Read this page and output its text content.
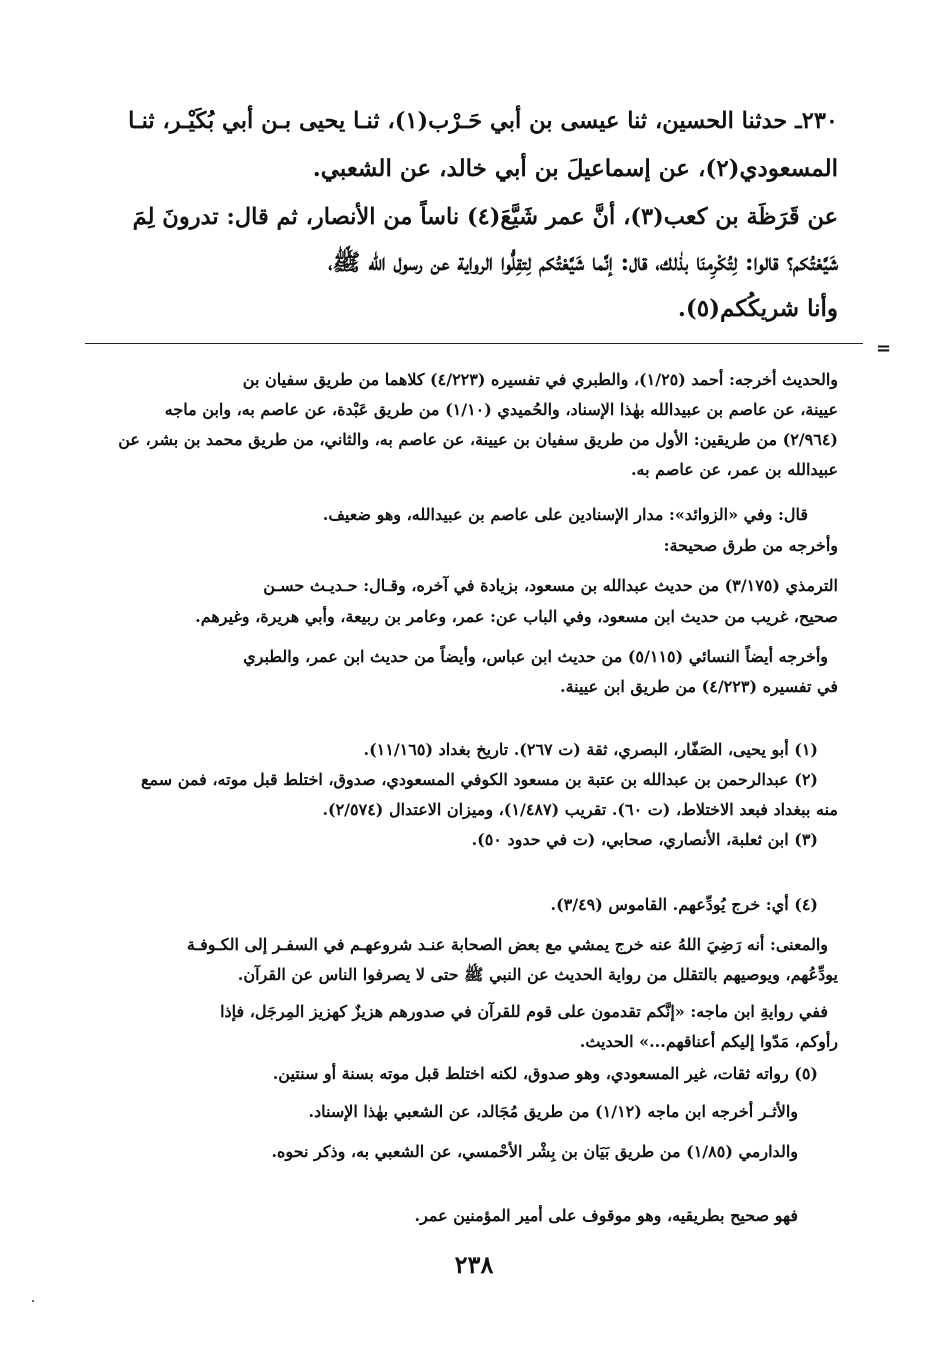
٢٣٠ـ حدثنا الحسين، ثنا عيسى بن أبي حَـرْب(١)، ثنـا يحيى بـن أبي بُكَيْـر، ثنـا
المسعودي(٢)، عن إسماعيلَ بن أبي خالد، عن الشعبي.
عن قَرَظَة بن كعب(٣)، أنَّ عمر شَيَّعَ(٤) ناساً من الأنصار، ثم قال: تدرونَ لِمَ
شَيَّعْتُكم؟ قالوا: لِتُكْرِمنَا بذٰلك، قال: إنَّما شَيَّعْتُكم لِتقِلُّوا الرواية عن رسول الله ﷺ،
وأنا شريكُكم(٥).
=
والحديث أخرجه: أحمد (١/٢٥)، والطبري في تفسيره (٤/٢٢٣) كلاهما من طريق سفيان بن
عيينة، عن عاصم بن عبيدالله بهٰذا الإسناد، والحُميدي (١/١٠) من طريق عَبْدة، عن عاصم به، وابن ماجه
(٢/٩٦٤) من طريقين: الأول من طريق سفيان بن عيينة، عن عاصم به، والثاني، من طريق محمد بن بشر، عن
عبيدالله بن عمر، عن عاصم به.
قال: وفي «الزوائد»: مدار الإسنادين على عاصم بن عبيدالله، وهو ضعيف.
وأخرجه من طرق صحيحة:
الترمذي (٣/١٧٥) من حديث عبدالله بن مسعود، بزيادة في آخره، وقـال: حـديـث حسـن
صحيح، غريب من حديث ابن مسعود، وفي الباب عن: عمر، وعامر بن ربيعة، وأبي هريرة، وغيرهم.
وأخرجه أيضاً النسائي (٥/١١٥) من حديث ابن عباس، وأيضاً من حديث ابن عمر، والطبري
في تفسيره (٤/٢٢٣) من طريق ابن عيينة.
(١) أبو يحيى، الصَفّار، البصري، ثقة (ت ٢٦٧). تاريخ بغداد (١١/١٦٥).
(٢) عبدالرحمن بن عبدالله بن عتبة بن مسعود الكوفي المسعودي، صدوق، اختلط قبل موته، فمن سمع
منه ببغداد فبعد الاختلاط، (ت ٦٠). تقريب (١/٤٨٧)، وميزان الاعتدال (٢/٥٧٤).
(٣) ابن ثعلبة، الأنصاري، صحابي، (ت في حدود ٥٠).
(٤) أي: خرج يُودِّعهم. القاموس (٣/٤٩).
والمعنى: أنه رَضِيَ اللهُ عنه خرج يمشي مع بعض الصحابة عنـد شروعهـم في السفـر إلى الكـوفـة
يودِّعُهم، ويوصيهم بالتقلل من رواية الحديث عن النبي ﷺ حتى لا يصرفوا الناس عن القرآن.
ففي روايةِ ابن ماجه: «إنَّكم تقدمون على قوم للقرآن في صدورهم هزيزٌ كهزيز المِرجَل، فإذا
رأوكم، مَدّوا إليكم أعناقهم...» الحديث.
(٥) رواته ثقات، غير المسعودي، وهو صدوق، لكنه اختلط قبل موته بسنة أو سنتين.
والأثـر أخرجه ابن ماجه (١/١٢) من طريق مُجَالد، عن الشعبي بهٰذا الإسناد.
والدارمي (١/٨٥) من طريق بَيَان بن بِشْر الأحْمسي، عن الشعبي به، وذكر نحوه.
فهو صحيح بطريقيه، وهو موقوف على أمير المؤمنين عمر.
٢٣٨
